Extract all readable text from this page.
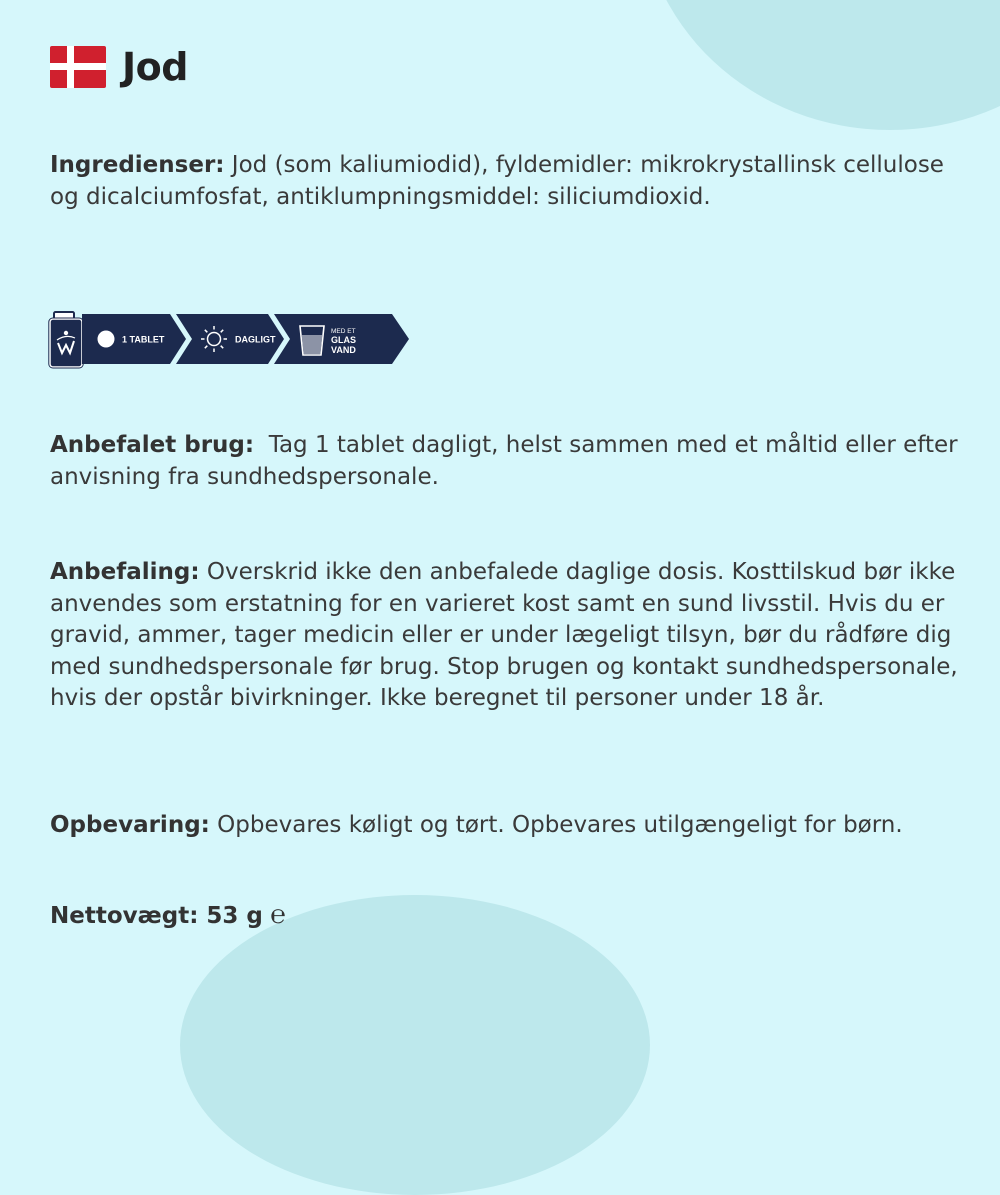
Jod
Ingredienser: Jod (som kaliumiodid), fyldemidler: mikrokrystallinsk cellulose og dicalciumfosfat, antiklumpningsmiddel: siliciumdioxid.
1 TABLET	DAGLIGT
MED ET
GLAS
VAND
Anbefalet brug:  Tag 1 tablet dagligt, helst sammen med et måltid eller efter anvisning fra sundhedspersonale.
Anbefaling: Overskrid ikke den anbefalede daglige dosis. Kosttilskud bør ikke anvendes som erstatning for en varieret kost samt en sund livsstil. Hvis du er gravid, ammer, tager medicin eller er under lægeligt tilsyn, bør du rådføre dig med sundhedspersonale før brug. Stop brugen og kontakt sundhedspersonale, hvis der opstår bivirkninger. Ikke beregnet til personer under 18 år.
Opbevaring: Opbevares køligt og tørt. Opbevares utilgængeligt for børn.
Nettovægt: 53 g ℮
